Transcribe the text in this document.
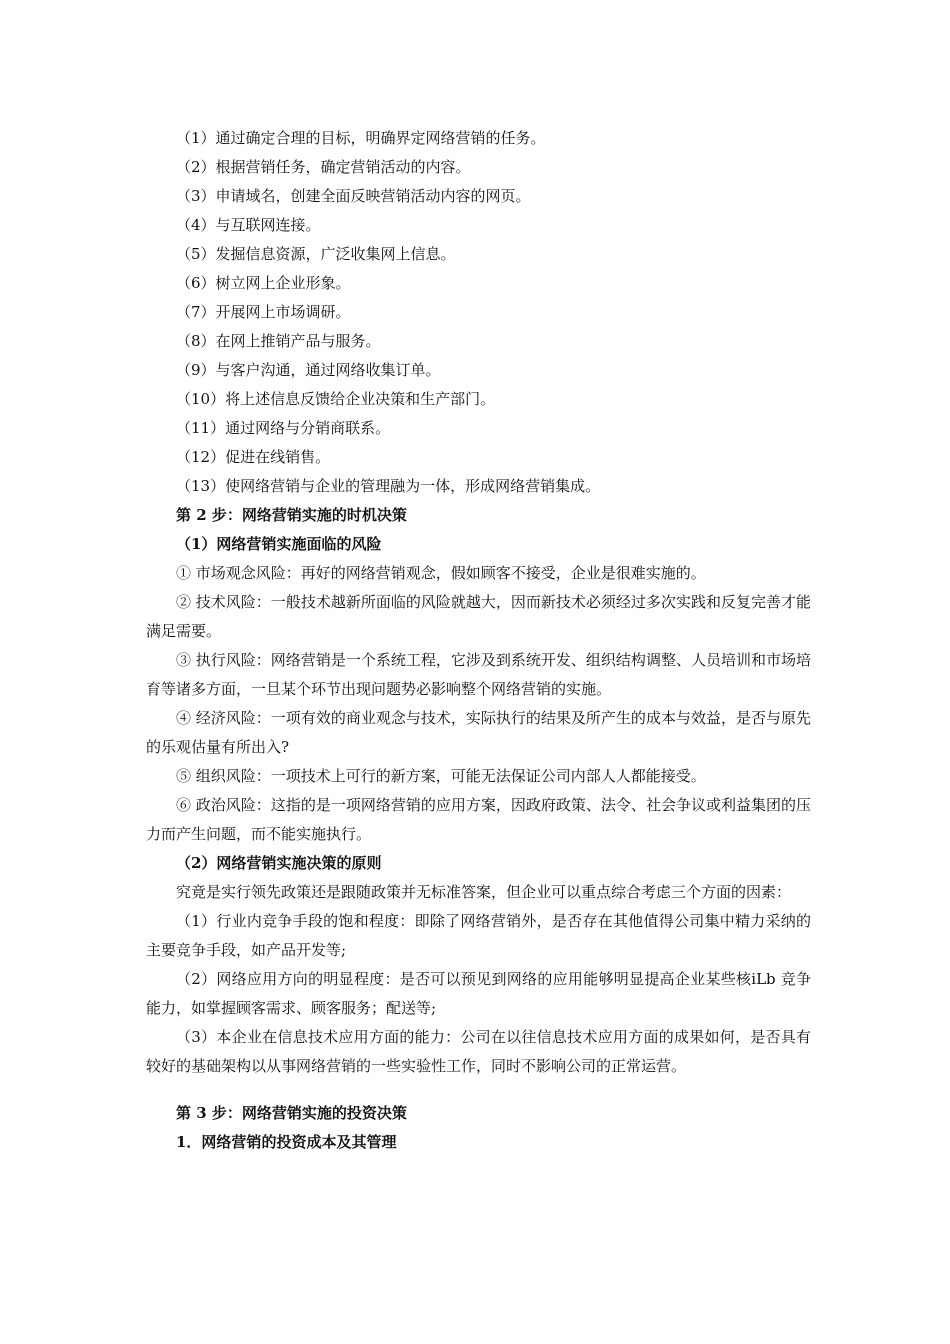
（1）通过确定合理的目标，明确界定网络营销的任务。

（2）根据营销任务，确定营销活动的内容。

（3）申请域名，创建全面反映营销活动内容的网页。

（4）与互联网连接。

（5）发掘信息资源，广泛收集网上信息。

（6）树立网上企业形象。

（7）开展网上市场调研。

（8）在网上推销产品与服务。

（9）与客户沟通，通过网络收集订单。

（10）将上述信息反馈给企业决策和生产部门。

（11）通过网络与分销商联系。

（12）促进在线销售。

（13）使网络营销与企业的管理融为一体，形成网络营销集成。

第 2 步：网络营销实施的时机决策

（1）网络营销实施面临的风险

① 市场观念风险：再好的网络营销观念，假如顾客不接受，企业是很难实施的。

② 技术风险：一般技术越新所面临的风险就越大，因而新技术必须经过多次实践和反复完善才能满足需要。

③ 执行风险：网络营销是一个系统工程，它涉及到系统开发、组织结构调整、人员培训和市场培育等诸多方面，一旦某个环节出现问题势必影响整个网络营销的实施。

④ 经济风险：一项有效的商业观念与技术，实际执行的结果及所产生的成本与效益，是否与原先的乐观估量有所出入?

⑤ 组织风险：一项技术上可行的新方案，可能无法保证公司内部人人都能接受。

⑥ 政治风险：这指的是一项网络营销的应用方案，因政府政策、法令、社会争议或利益集团的压力而产生问题，而不能实施执行。

（2）网络营销实施决策的原则

究竟是实行领先政策还是跟随政策并无标准答案，但企业可以重点综合考虑三个方面的因素：

（1）行业内竞争手段的饱和程度：即除了网络营销外，是否存在其他值得公司集中精力采纳的主要竞争手段，如产品开发等;

（2）网络应用方向的明显程度：是否可以预见到网络的应用能够明显提高企业某些核iLb 竞争能力，如掌握顾客需求、顾客服务；配送等;

（3）本企业在信息技术应用方面的能力：公司在以往信息技术应用方面的成果如何，是否具有较好的基础架构以从事网络营销的一些实验性工作，同时不影响公司的正常运营。

第 3 步：网络营销实施的投资决策

1．网络营销的投资成本及其管理
